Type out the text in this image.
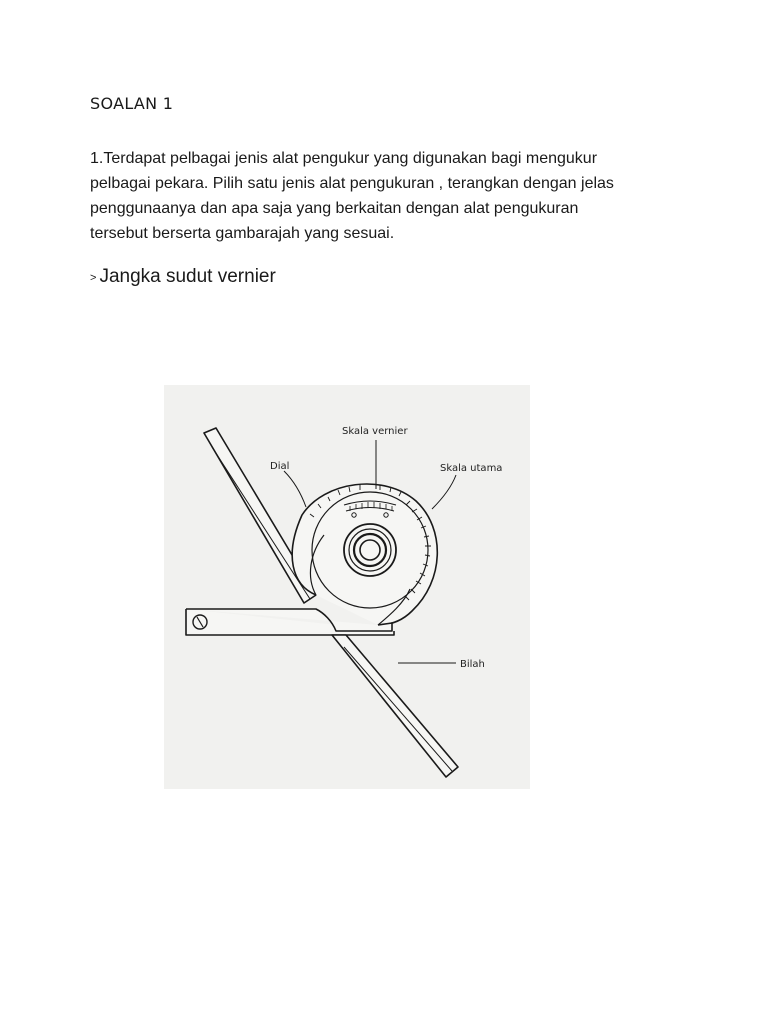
SOALAN 1
1.Terdapat pelbagai jenis alat pengukur yang digunakan bagi mengukur
pelbagai pekara. Pilih satu jenis alat pengukuran , terangkan dengan jelas
penggunaanya dan apa saja yang berkaitan dengan alat pengukuran
tersebut berserta gambarajah yang sesuai.
> Jangka sudut vernier
Skala vernier
Dial	Skala utama
Bilah
